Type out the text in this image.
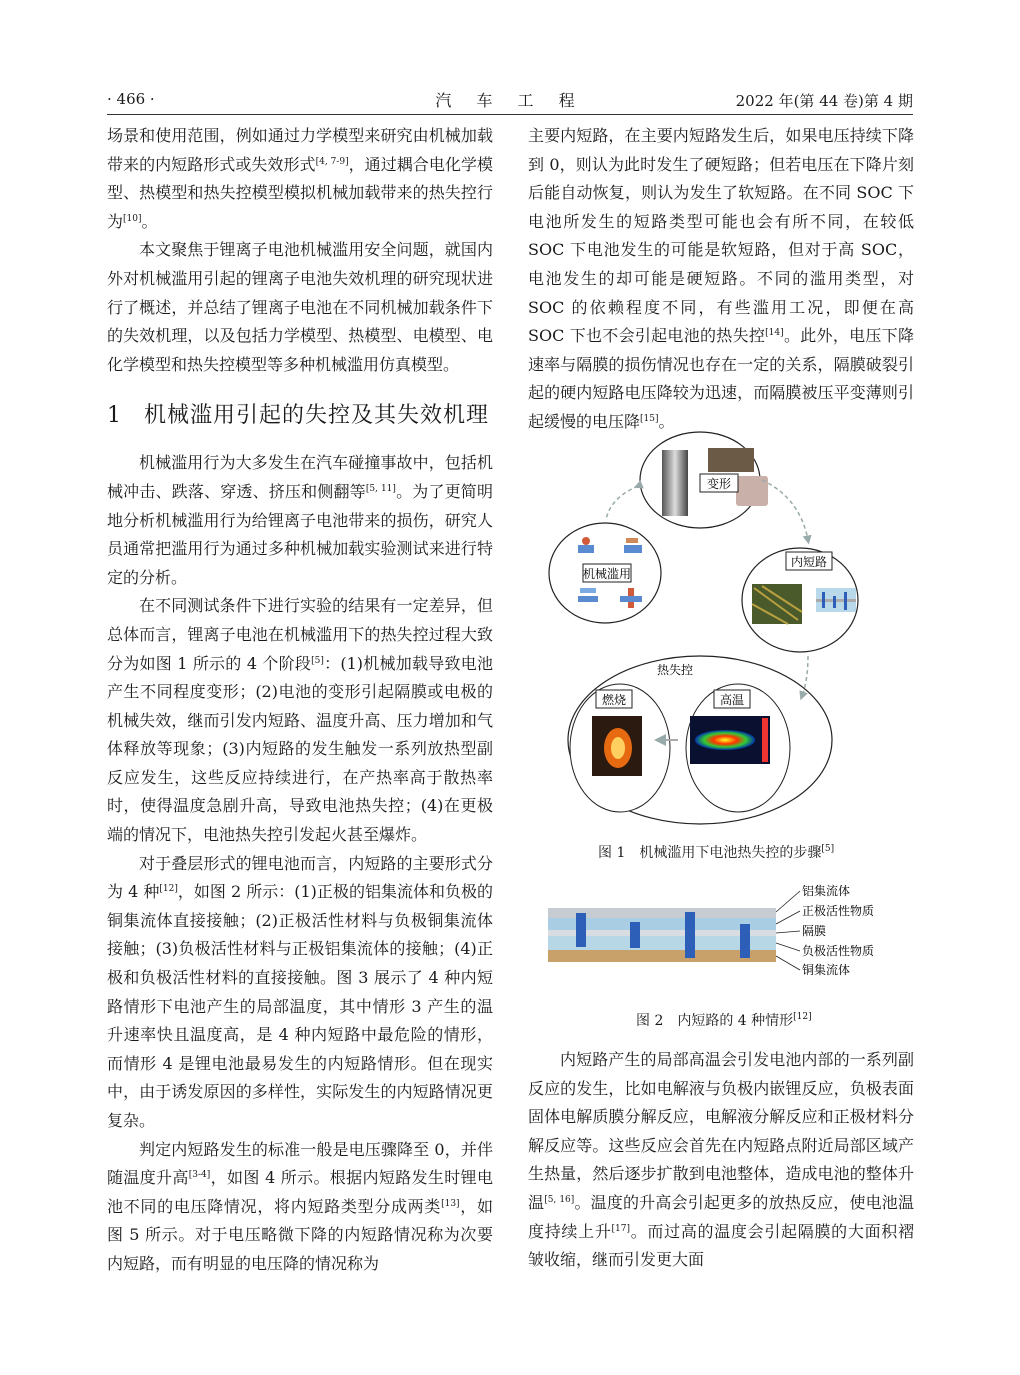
· 466 ·	汽 车 工 程	2022 年(第 44 卷)第 4 期

场景和使用范围，例如通过力学模型来研究由机械加载带来的内短路形式或失效形式[4, 7-9]，通过耦合电化学模型、热模型和热失控模型模拟机械加载带来的热失控行为[10]。

本文聚焦于锂离子电池机械滥用安全问题，就国内外对机械滥用引起的锂离子电池失效机理的研究现状进行了概述，并总结了锂离子电池在不同机械加载条件下的失效机理，以及包括力学模型、热模型、电模型、电化学模型和热失控模型等多种机械滥用仿真模型。

1 机械滥用引起的失控及其失效机理

机械滥用行为大多发生在汽车碰撞事故中，包括机械冲击、跌落、穿透、挤压和侧翻等[5, 11]。为了更简明地分析机械滥用行为给锂离子电池带来的损伤，研究人员通常把滥用行为通过多种机械加载实验测试来进行特定的分析。

在不同测试条件下进行实验的结果有一定差异，但总体而言，锂离子电池在机械滥用下的热失控过程大致分为如图 1 所示的 4 个阶段[5]：(1)机械加载导致电池产生不同程度变形；(2)电池的变形引起隔膜或电极的机械失效，继而引发内短路、温度升高、压力增加和气体释放等现象；(3)内短路的发生触发一系列放热型副反应发生，这些反应持续进行，在产热率高于散热率时，使得温度急剧升高，导致电池热失控；(4)在更极端的情况下，电池热失控引发起火甚至爆炸。

对于叠层形式的锂电池而言，内短路的主要形式分为 4 种[12]，如图 2 所示：(1)正极的铝集流体和负极的铜集流体直接接触；(2)正极活性材料与负极铜集流体接触；(3)负极活性材料与正极铝集流体的接触；(4)正极和负极活性材料的直接接触。图 3 展示了 4 种内短路情形下电池产生的局部温度，其中情形 3 产生的温升速率快且温度高，是 4 种内短路中最危险的情形，而情形 4 是锂电池最易发生的内短路情形。但在现实中，由于诱发原因的多样性，实际发生的内短路情况更复杂。

判定内短路发生的标准一般是电压骤降至 0，并伴随温度升高[3-4]，如图 4 所示。根据内短路发生时锂电池不同的电压降情况，将内短路类型分成两类[13]，如图 5 所示。对于电压略微下降的内短路情况称为次要内短路，而有明显的电压降的情况称为

主要内短路，在主要内短路发生后，如果电压持续下降到 0，则认为此时发生了硬短路；但若电压在下降片刻后能自动恢复，则认为发生了软短路。在不同 SOC 下电池所发生的短路类型可能也会有所不同，在较低 SOC 下电池发生的可能是软短路，但对于高 SOC，电池发生的却可能是硬短路。不同的滥用类型，对 SOC 的依赖程度不同，有些滥用工况，即便在高 SOC 下也不会引起电池的热失控[14]。此外，电压下降速率与隔膜的损伤情况也存在一定的关系，隔膜破裂引起的硬内短路电压降较为迅速，而隔膜被压平变薄则引起缓慢的电压降[15]。

变形
机械滥用
内短路
热失控
燃烧	高温
图 1　机械滥用下电池热失控的步骤[5]
铝集流体
正极活性物质
隔膜
负极活性物质
铜集流体
图 2　内短路的 4 种情形[12]

内短路产生的局部高温会引发电池内部的一系列副反应的发生，比如电解液与负极内嵌锂反应，负极表面固体电解质膜分解反应，电解液分解反应和正极材料分解反应等。这些反应会首先在内短路点附近局部区域产生热量，然后逐步扩散到电池整体，造成电池的整体升温[5, 16]。温度的升高会引起更多的放热反应，使电池温度持续上升[17]。而过高的温度会引起隔膜的大面积褶皱收缩，继而引发更大面
